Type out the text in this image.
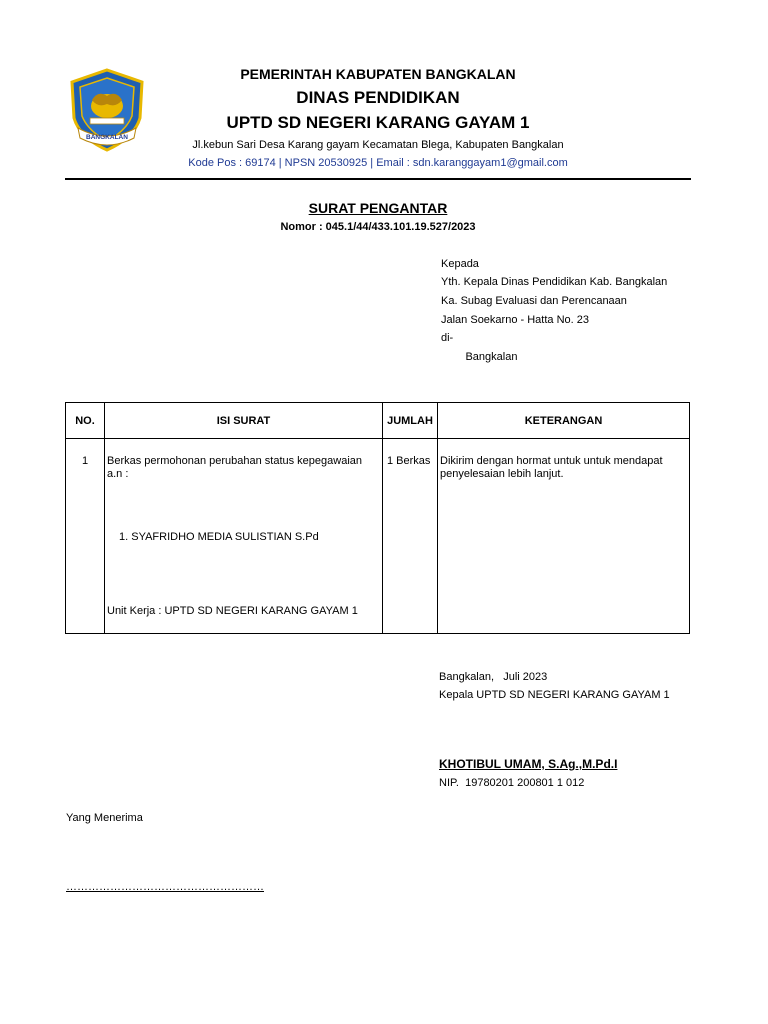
BANGKALAN
PEMERINTAH KABUPATEN BANGKALAN
DINAS PENDIDIKAN
UPTD SD NEGERI KARANG GAYAM 1
Jl.kebun Sari Desa Karang gayam Kecamatan Blega, Kabupaten Bangkalan
Kode Pos : 69174 | NPSN 20530925 | Email : sdn.karanggayam1@gmail.com
SURAT PENGANTAR
Nomor : 045.1/44/433.101.19.527/2023
Kepada
Yth. Kepala Dinas Pendidikan Kab. Bangkalan
Ka. Subag Evaluasi dan Perencanaan
Jalan Soekarno - Hatta No. 23
di-
Bangkalan
NO.	ISI SURAT	JUMLAH	KETERANGAN
1	Berkas permohonan perubahan status kepegawaian a.n :
1. SYAFRIDHO MEDIA SULISTIAN S.Pd
Unit Kerja : UPTD SD NEGERI KARANG GAYAM 1	1 Berkas	Dikirim dengan hormat untuk untuk mendapat penyelesaian lebih lanjut.
Bangkalan,   Juli 2023
Kepala UPTD SD NEGERI KARANG GAYAM 1
KHOTIBUL UMAM, S.Ag.,M.Pd.I
NIP.  19780201 200801 1 012
Yang Menerima
………………………………………………
